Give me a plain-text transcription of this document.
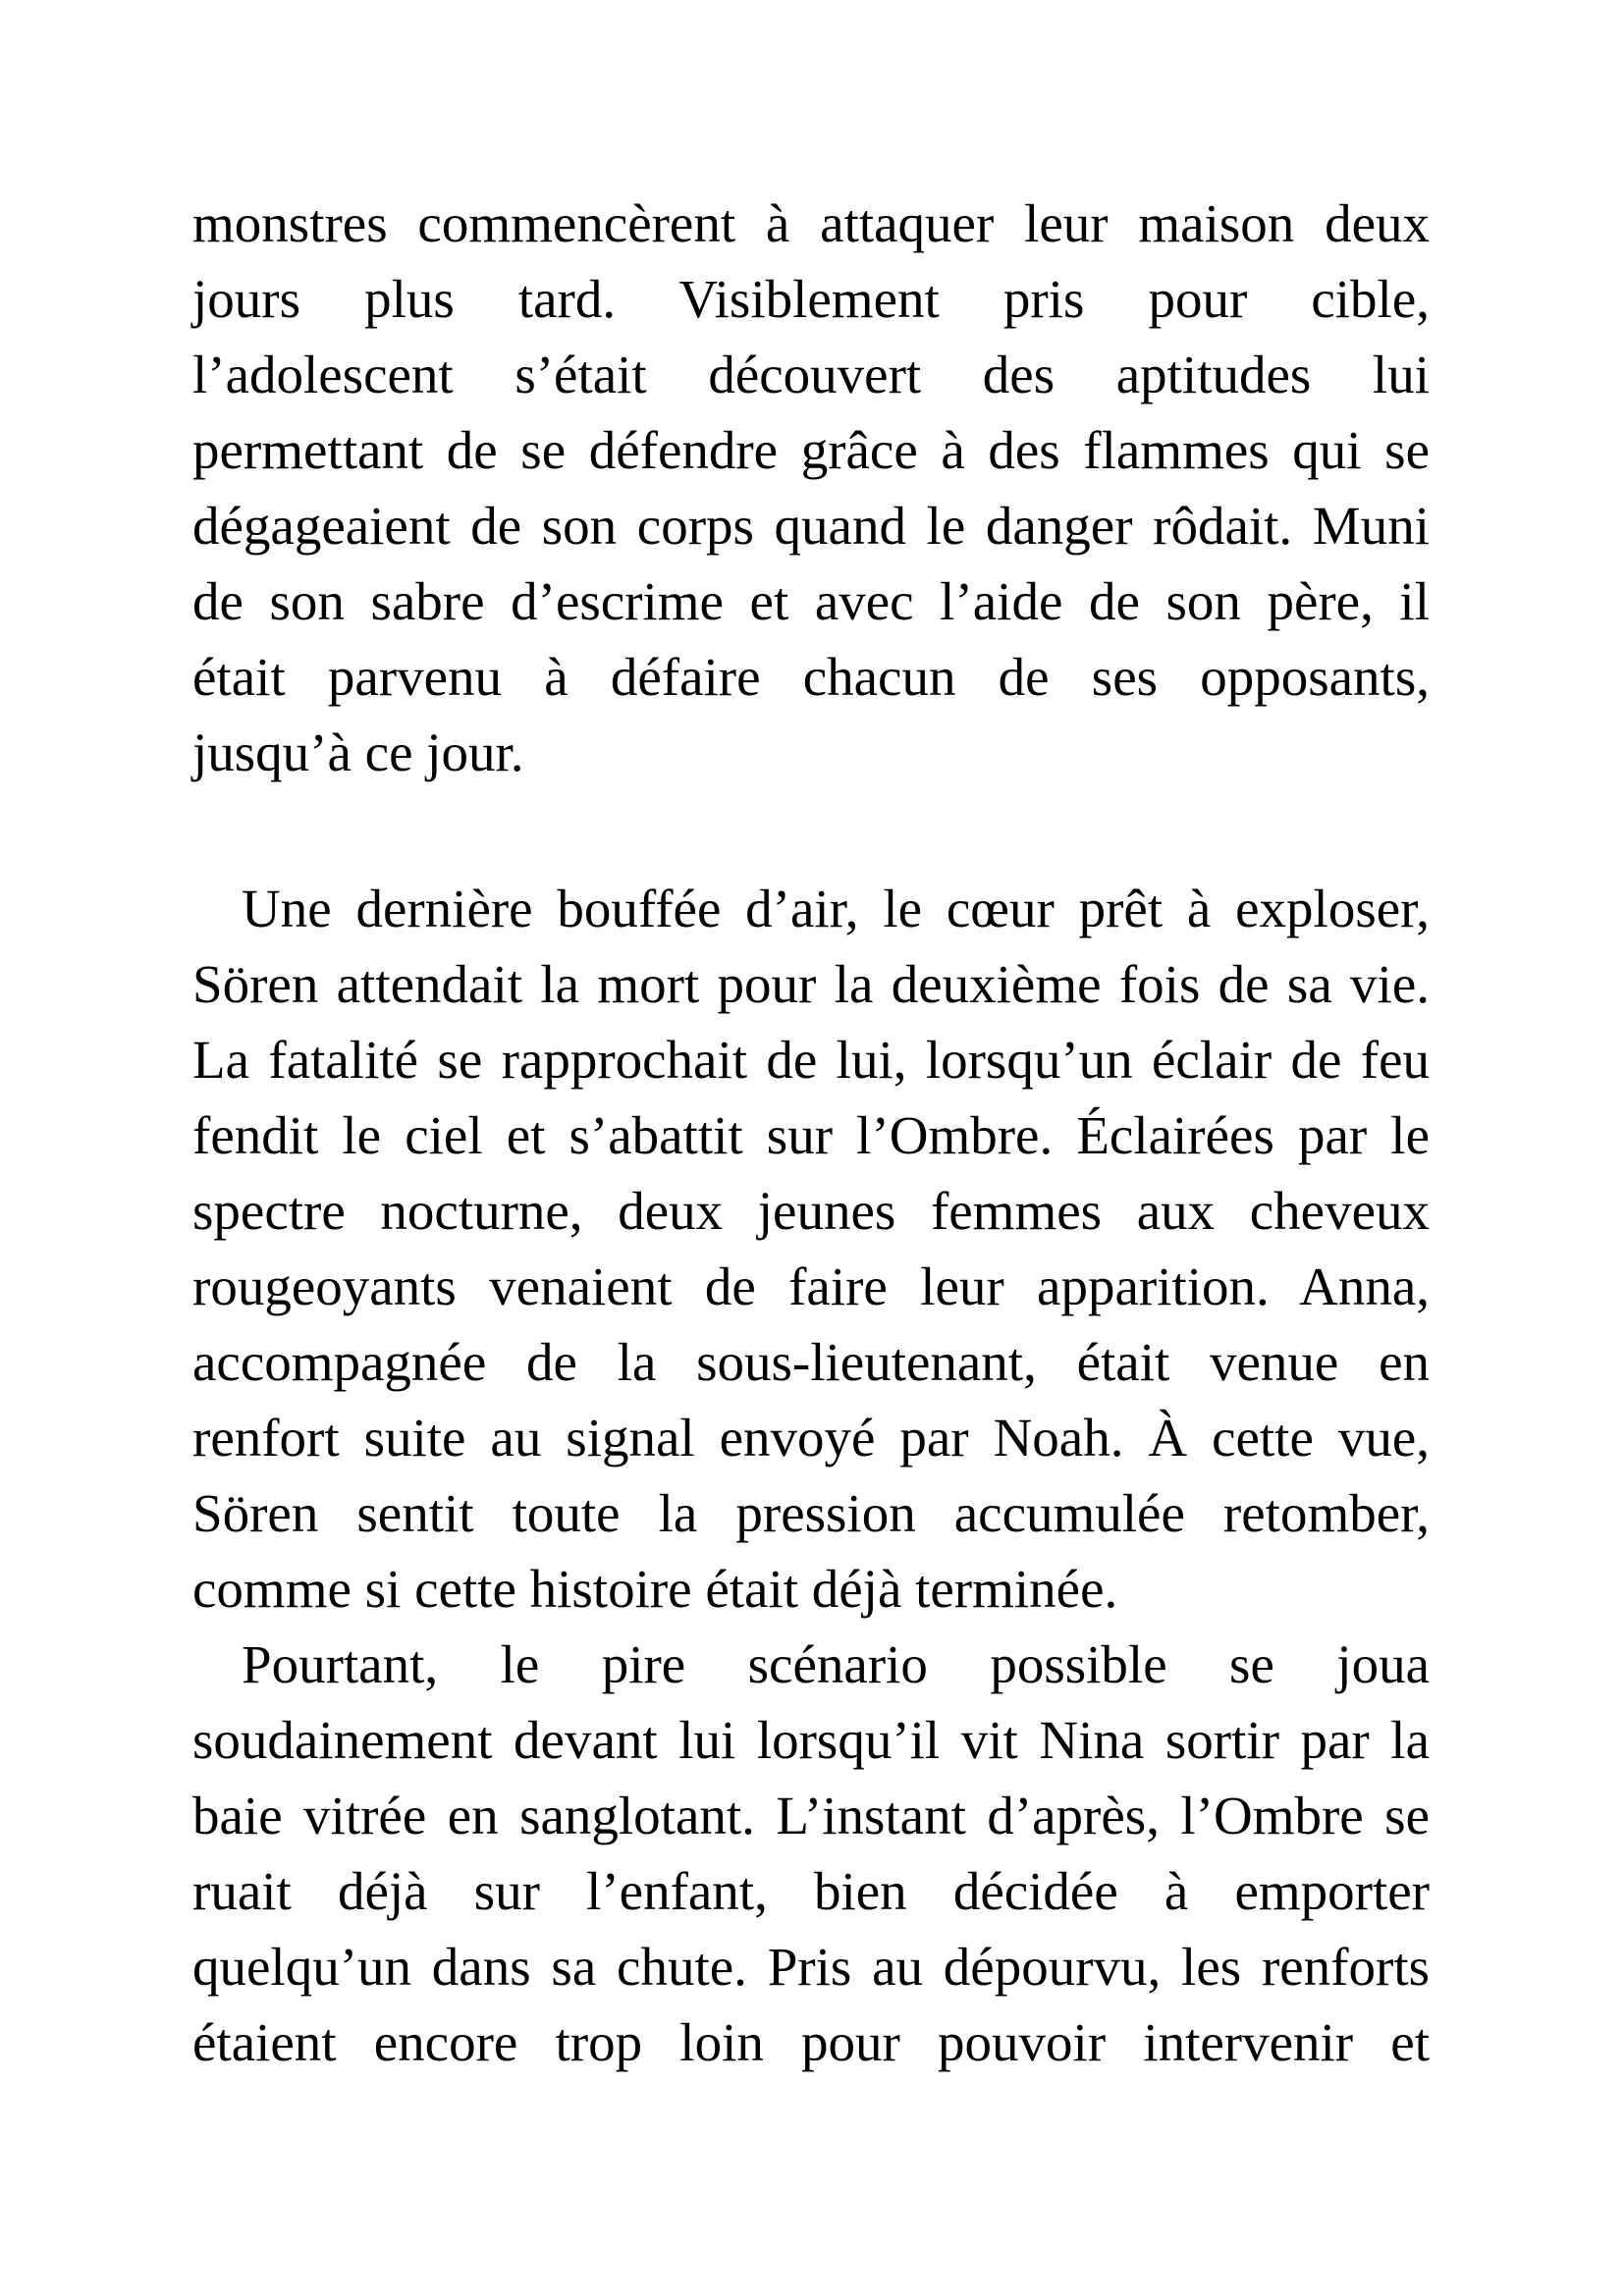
monstres commencèrent à attaquer leur maison deux
jours plus tard. Visiblement pris pour cible,
l’adolescent s’était découvert des aptitudes lui
permettant de se défendre grâce à des flammes qui se
dégageaient de son corps quand le danger rôdait. Muni
de son sabre d’escrime et avec l’aide de son père, il
était parvenu à défaire chacun de ses opposants,
jusqu’à ce jour.
Une dernière bouffée d’air, le cœur prêt à exploser,
Sören attendait la mort pour la deuxième fois de sa vie.
La fatalité se rapprochait de lui, lorsqu’un éclair de feu
fendit le ciel et s’abattit sur l’Ombre. Éclairées par le
spectre nocturne, deux jeunes femmes aux cheveux
rougeoyants venaient de faire leur apparition. Anna,
accompagnée de la sous-lieutenant, était venue en
renfort suite au signal envoyé par Noah. À cette vue,
Sören sentit toute la pression accumulée retomber,
comme si cette histoire était déjà terminée.
Pourtant, le pire scénario possible se joua
soudainement devant lui lorsqu’il vit Nina sortir par la
baie vitrée en sanglotant. L’instant d’après, l’Ombre se
ruait déjà sur l’enfant, bien décidée à emporter
quelqu’un dans sa chute. Pris au dépourvu, les renforts
étaient encore trop loin pour pouvoir intervenir et
